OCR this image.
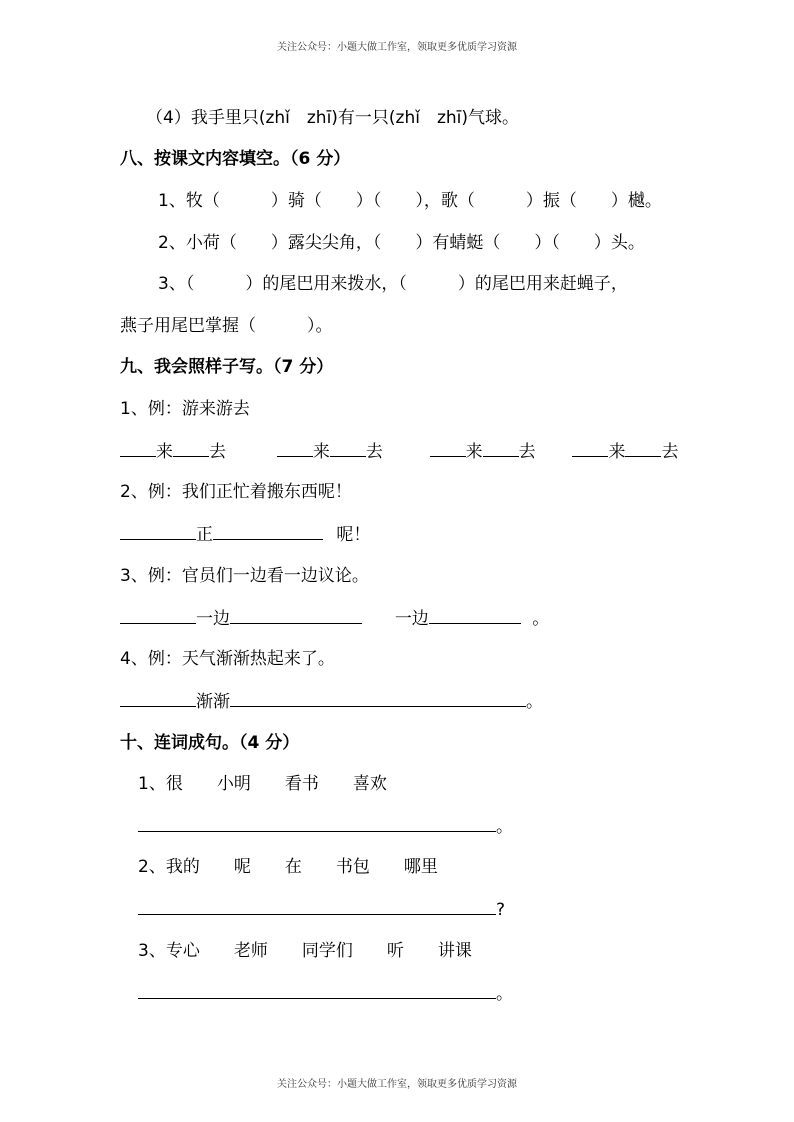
关注公众号：小题大做工作室，领取更多优质学习资源
（4）我手里只(zhǐ　zhī)有一只(zhǐ　zhī)气球。
八、按课文内容填空。（6 分）
1、牧（　　　）骑（　　）（　　），歌（　　　）振（　　）樾。
2、小荷（　　）露尖尖角，（　　）有蜻蜓（　　）（　　）头。
3、（　　　）的尾巴用来拨水，（　　　）的尾巴用来赶蝇子，
燕子用尾巴掌握（　　　）。
九、我会照样子写。（7 分）
1、例：游来游去
来 去	来 去	来 去	来 去
2、例：我们正忙着搬东西呢！
正	呢！
3、例：官员们一边看一边议论。
一边	一边	。
4、例：天气渐渐热起来了。
渐渐	。
十、连词成句。（4 分）
1、很　　小明　　看书　　喜欢
。
2、我的　　呢　　在　　书包　　哪里
?
3、专心　　老师　　同学们　　听　　讲课
。
关注公众号：小题大做工作室，领取更多优质学习资源
